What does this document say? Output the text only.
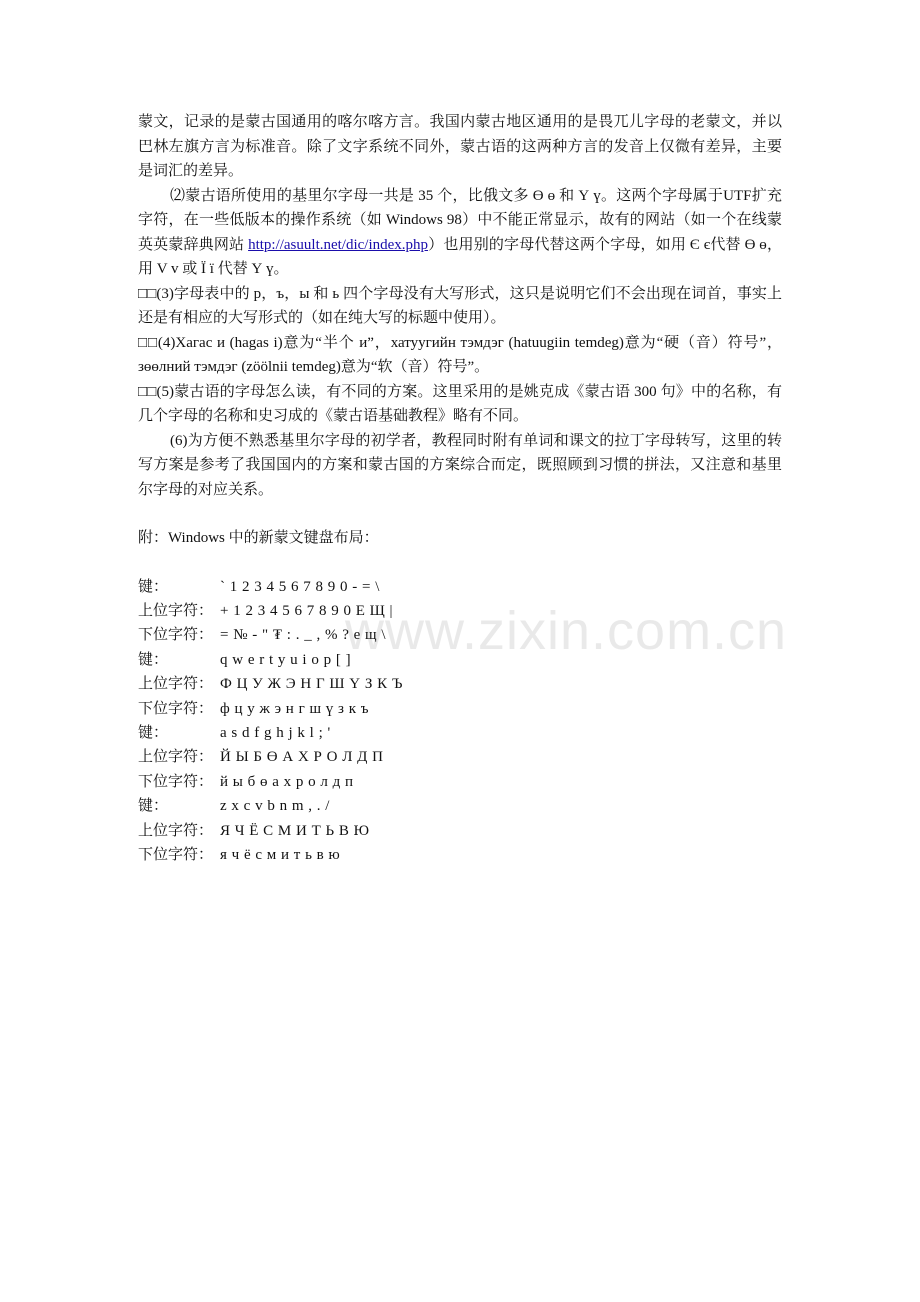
蒙文，记录的是蒙古国通用的喀尔喀方言。我国内蒙古地区通用的是畏兀儿字母的老蒙文，并以巴林左旗方言为标准音。除了文字系统不同外，蒙古语的这两种方言的发音上仅微有差异，主要是词汇的差异。

⑵蒙古语所使用的基里尔字母一共是 35 个，比俄文多 Ө ө 和 Ү ү。这两个字母属于UTF扩充字符，在一些低版本的操作系统（如 Windows 98）中不能正常显示，故有的网站（如一个在线蒙英英蒙辞典网站 http://asuult.net/dic/index.php）也用别的字母代替这两个字母，如用 Є є代替 Ө ө，用 V v 或 Ï ï 代替 Ү ү。

□□(3)字母表中的 р，ъ，ы 和 ь 四个字母没有大写形式，这只是说明它们不会出现在词首，事实上还是有相应的大写形式的（如在纯大写的标题中使用）。

□□(4)Хагас и (hagas i)意为“半个 и”，хатуугийн тэмдэг (hatuugiin temdeg)意为“硬（音）符号”，зөөлний тэмдэг (zöölnii temdeg)意为“软（音）符号”。

□□(5)蒙古语的字母怎么读，有不同的方案。这里采用的是姚克成《蒙古语 300 句》中的名称，有几个字母的名称和史习成的《蒙古语基础教程》略有不同。

(6)为方便不熟悉基里尔字母的初学者，教程同时附有单词和课文的拉丁字母转写，这里的转写方案是参考了我国国内的方案和蒙古国的方案综合而定，既照顾到习惯的拼法，又注意和基里尔字母的对应关系。

附：Windows 中的新蒙文键盘布局：

键：	` 1 2 3 4 5 6 7 8 9 0 - = \
上位字符： + 1 2 3 4 5 6 7 8 9 0 Е Щ |
下位字符： = № - " ₮ : . _ , % ? е щ \
键：	q w e r t y u i o p [ ]
上位字符： Ф Ц У Ж Э Н Г Ш Ү З К Ъ
下位字符： ф ц у ж э н г ш ү з к ъ
键：	a s d f g h j k l ; '
上位字符： Й Ы Б Ө А Х Р О Л Д П
下位字符： й ы б ө а х р о л д п
键：	z x c v b n m , . /
上位字符： Я Ч Ё С М И Т Ь В Ю
下位字符： я ч ё с м и т ь в ю
www.zixin.com.cn
